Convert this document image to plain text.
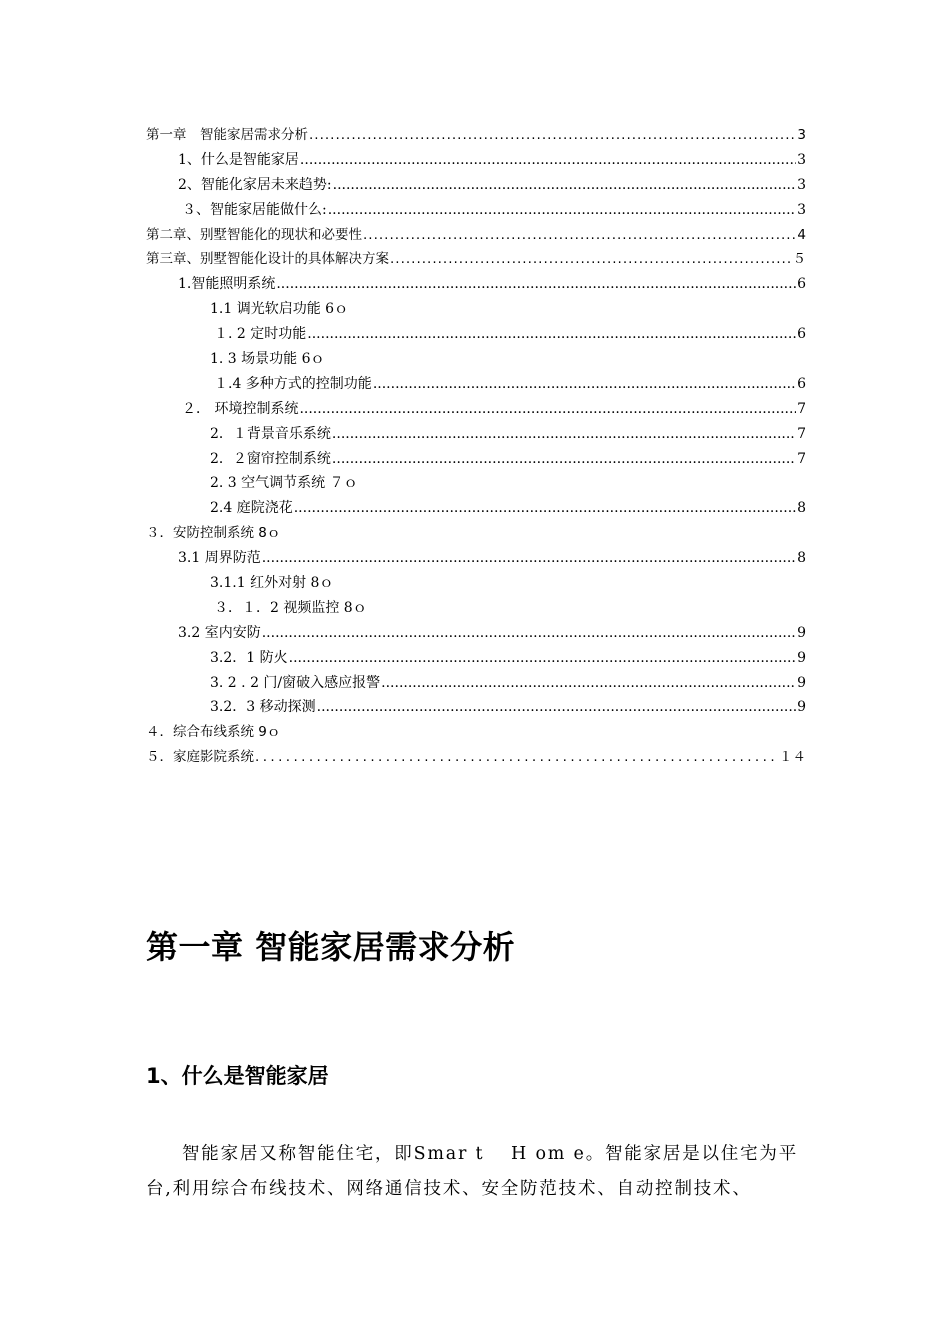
第一章　智能家居需求分析 .....	3
1、什么是智能家居 .....	3
2、智能化家居未来趋势: .....	3
３、智能家居能做什么: .....	3
第二章、别墅智能化的现状和必要性 .....	4
第三章、别墅智能化设计的具体解决方案 .....	５
1.智能照明系统 .....	6
1.1 调光软启功能 6ｏ
１. 2 定时功能 .....	6
1. 3 场景功能 6ｏ
１.4 多种方式的控制功能 .....	6
２． 环境控制系统 .....	7
2．１背景音乐系统 .....	7
2．２窗帘控制系统 .....	7
2. 3 空气调节系统 ７ｏ
2.4 庭院浇花 .....	8
３．安防控制系统 8ｏ
3.1 周界防范 .....	8
3.1.1 红外对射 8ｏ
３．１．2 视频监控 8ｏ
3.2 室内安防 .....	9
3.2．1 防火 .....	9
3. 2 . 2 门/窗破入感应报警 .....	9
3.2．3 移动探测 .....	9
４．综合布线系统 9ｏ
５．家庭影院系统 .....	１４
第一章 智能家居需求分析
1、什么是智能家居
智能家居又称智能住宅，即Smar t　 H om e。智能家居是以住宅为平台,利用综合布线技术、网络通信技术、安全防范技术、自动控制技术、
